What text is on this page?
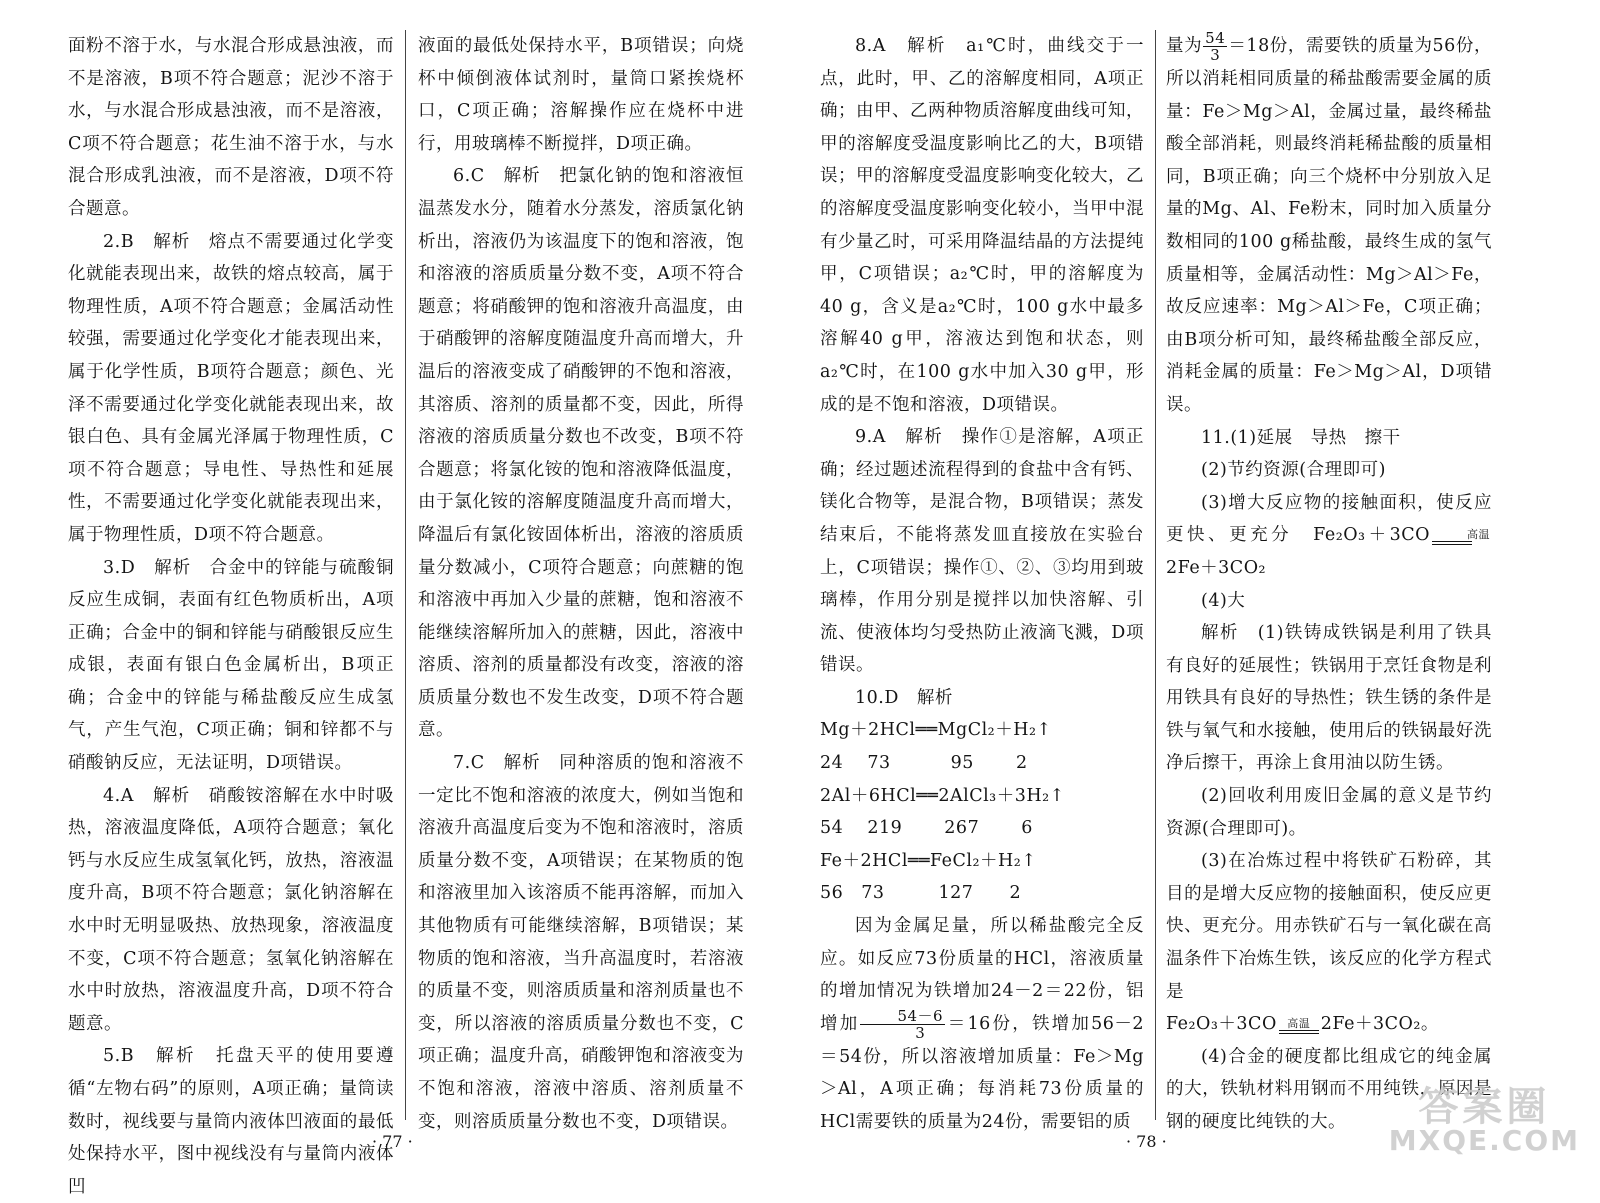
面粉不溶于水，与水混合形成悬浊液，而不是溶液，B项不符合题意；泥沙不溶于水，与水混合形成悬浊液，而不是溶液，C项不符合题意；花生油不溶于水，与水混合形成乳浊液，而不是溶液，D项不符合题意。

2.B　解析　熔点不需要通过化学变化就能表现出来，故铁的熔点较高，属于物理性质，A项不符合题意；金属活动性较强，需要通过化学变化才能表现出来，属于化学性质，B项符合题意；颜色、光泽不需要通过化学变化就能表现出来，故银白色、具有金属光泽属于物理性质，C项不符合题意；导电性、导热性和延展性，不需要通过化学变化就能表现出来，属于物理性质，D项不符合题意。

3.D　解析　合金中的锌能与硫酸铜反应生成铜，表面有红色物质析出，A项正确；合金中的铜和锌能与硝酸银反应生成银，表面有银白色金属析出，B项正确；合金中的锌能与稀盐酸反应生成氢气，产生气泡，C项正确；铜和锌都不与硝酸钠反应，无法证明，D项错误。

4.A　解析　硝酸铵溶解在水中时吸热，溶液温度降低，A项符合题意；氧化钙与水反应生成氢氧化钙，放热，溶液温度升高，B项不符合题意；氯化钠溶解在水中时无明显吸热、放热现象，溶液温度不变，C项不符合题意；氢氧化钠溶解在水中时放热，溶液温度升高，D项不符合题意。

5.B　解析　托盘天平的使用要遵循“左物右码”的原则，A项正确；量筒读数时，视线要与量筒内液体凹液面的最低处保持水平，图中视线没有与量筒内液体凹

液面的最低处保持水平，B项错误；向烧杯中倾倒液体试剂时，量筒口紧挨烧杯口，C项正确；溶解操作应在烧杯中进行，用玻璃棒不断搅拌，D项正确。

6.C　解析　把氯化钠的饱和溶液恒温蒸发水分，随着水分蒸发，溶质氯化钠析出，溶液仍为该温度下的饱和溶液，饱和溶液的溶质质量分数不变，A项不符合题意；将硝酸钾的饱和溶液升高温度，由于硝酸钾的溶解度随温度升高而增大，升温后的溶液变成了硝酸钾的不饱和溶液，其溶质、溶剂的质量都不变，因此，所得溶液的溶质质量分数也不改变，B项不符合题意；将氯化铵的饱和溶液降低温度，由于氯化铵的溶解度随温度升高而增大，降温后有氯化铵固体析出，溶液的溶质质量分数减小，C项符合题意；向蔗糖的饱和溶液中再加入少量的蔗糖，饱和溶液不能继续溶解所加入的蔗糖，因此，溶液中溶质、溶剂的质量都没有改变，溶液的溶质质量分数也不发生改变，D项不符合题意。

7.C　解析　同种溶质的饱和溶液不一定比不饱和溶液的浓度大，例如当饱和溶液升高温度后变为不饱和溶液时，溶质质量分数不变，A项错误；在某物质的饱和溶液里加入该溶质不能再溶解，而加入其他物质有可能继续溶解，B项错误；某物质的饱和溶液，当升高温度时，若溶液的质量不变，则溶质质量和溶剂质量也不变，所以溶液的溶质质量分数也不变，C项正确；温度升高，硝酸钾饱和溶液变为不饱和溶液，溶液中溶质、溶剂质量不变，则溶质质量分数也不变，D项错误。

· 77 ·

8.A　解析　a₁℃时，曲线交于一点，此时，甲、乙的溶解度相同，A项正确；由甲、乙两种物质溶解度曲线可知，甲的溶解度受温度影响比乙的大，B项错误；甲的溶解度受温度影响变化较大，乙的溶解度受温度影响变化较小，当甲中混有少量乙时，可采用降温结晶的方法提纯甲，C项错误；a₂℃时，甲的溶解度为40 g，含义是a₂℃时，100 g水中最多溶解40 g甲，溶液达到饱和状态，则a₂℃时，在100 g水中加入30 g甲，形成的是不饱和溶液，D项错误。

9.A　解析　操作①是溶解，A项正确；经过题述流程得到的食盐中含有钙、镁化合物等，是混合物，B项错误；蒸发结束后，不能将蒸发皿直接放在实验台上，C项错误；操作①、②、③均用到玻璃棒，作用分别是搅拌以加快溶解、引流、使液体均匀受热防止液滴飞溅，D项错误。

10.D　解析

Mg＋2HCl══MgCl₂＋H₂↑

24　 73　　　 95　　 2

2Al＋6HCl══2AlCl₃＋3H₂↑

54　 219　　 267　　 6

Fe＋2HCl══FeCl₂＋H₂↑

56　73　　　127　　2

因为金属足量，所以稀盐酸完全反应。如反应73份质量的HCl，溶液质量的增加情况为铁增加24－2＝22份，铝增加 $\frac{54-6}{3} =16$份，铁增加56－2＝54份，所以溶液增加质量：Fe＞Mg＞Al，A项正确；每消耗73份质量的HCl需要铁的质量为24份，需要铝的质

量为 $\frac{54}{3} =18$份，需要铁的质量为56份，所以消耗相同质量的稀盐酸需要金属的质量：Fe＞Mg＞Al，金属过量，最终稀盐酸全部消耗，则最终消耗稀盐酸的质量相同，B项正确；向三个烧杯中分别放入足量的Mg、Al、Fe粉末，同时加入质量分数相同的100 g稀盐酸，最终生成的氢气质量相等，金属活动性：Mg＞Al＞Fe，故反应速率：Mg＞Al＞Fe，C项正确；由B项分析可知，最终稀盐酸全部反应，消耗金属的质量：Fe＞Mg＞Al，D项错误。

11.(1)延展　导热　擦干

(2)节约资源(合理即可)

(3)增大反应物的接触面积，使反应更快、更充分　Fe₂O₃＋3CO	高温
2Fe＋3CO₂

(4)大

解析　(1)铁铸成铁锅是利用了铁具有良好的延展性；铁锅用于烹饪食物是利用铁具有良好的导热性；铁生锈的条件是铁与氧气和水接触，使用后的铁锅最好洗净后擦干，再涂上食用油以防生锈。

(2)回收利用废旧金属的意义是节约资源(合理即可)。

(3)在冶炼过程中将铁矿石粉碎，其目的是增大反应物的接触面积，使反应更快、更充分。用赤铁矿石与一氧化碳在高温条件下冶炼生铁，该反应的化学方程式是

Fe₂O₃＋3CO 高温 2Fe＋3CO₂。

(4)合金的硬度都比组成它的纯金属的大，铁轨材料用钢而不用纯铁，原因是钢的硬度比纯铁的大。

· 78 ·
答案圈
MXQE.COM
